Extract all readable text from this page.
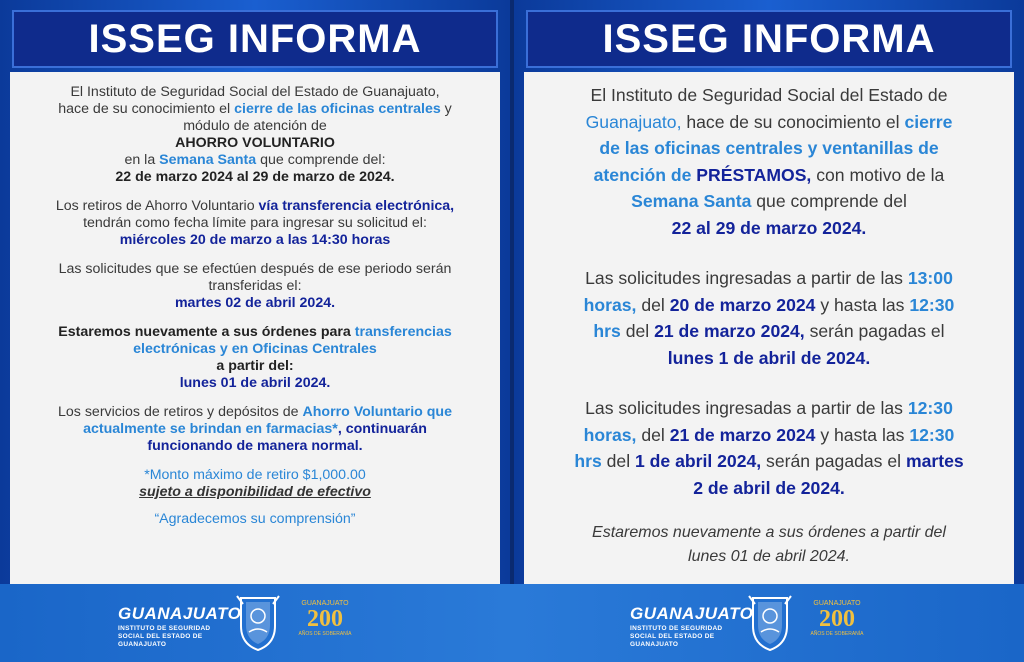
ISSEG INFORMA

El Instituto de Seguridad Social del Estado de Guanajuato,
hace de su conocimiento el cierre de las oficinas centrales y
módulo de atención de
AHORRO VOLUNTARIO
en la Semana Santa que comprende del:
22 de marzo 2024 al 29 de marzo de 2024.

Los retiros de Ahorro Voluntario vía transferencia electrónica,
tendrán como fecha límite para ingresar su solicitud el:
miércoles 20 de marzo a las 14:30 horas

Las solicitudes que se efectúen después de ese periodo serán
transferidas el:
martes 02 de abril 2024.

Estaremos nuevamente a sus órdenes para transferencias
electrónicas y en Oficinas Centrales
a partir del:
lunes 01 de abril 2024.

Los servicios de retiros y depósitos de Ahorro Voluntario que
actualmente se brindan en farmacias*, continuarán
funcionando de manera normal.

*Monto máximo de retiro $1,000.00
sujeto a disponibilidad de efectivo

“Agradecemos su comprensión”

ISSEG INFORMA

El Instituto de Seguridad Social del Estado de
Guanajuato, hace de su conocimiento el cierre
de las oficinas centrales y ventanillas de
atención de PRÉSTAMOS, con motivo de la
Semana Santa que comprende del
22 al 29 de marzo 2024.

Las solicitudes ingresadas a partir de las 13:00
horas, del 20 de marzo 2024 y hasta las 12:30
hrs del 21 de marzo 2024, serán pagadas el
lunes 1 de abril de 2024.

Las solicitudes ingresadas a partir de las 12:30
horas, del 21 de marzo 2024 y hasta las 12:30
hrs del 1 de abril 2024, serán pagadas el martes
2 de abril de 2024.

Estaremos nuevamente a sus órdenes a partir del
lunes 01 de abril 2024.

GUANAJUATO
INSTITUTO DE SEGURIDAD SOCIAL DEL ESTADO DE GUANAJUATO
GUANAJUATO
200
AÑOS DE SOBERANÍA
GUANAJUATO
INSTITUTO DE SEGURIDAD SOCIAL DEL ESTADO DE GUANAJUATO
GUANAJUATO
200
AÑOS DE SOBERANÍA
